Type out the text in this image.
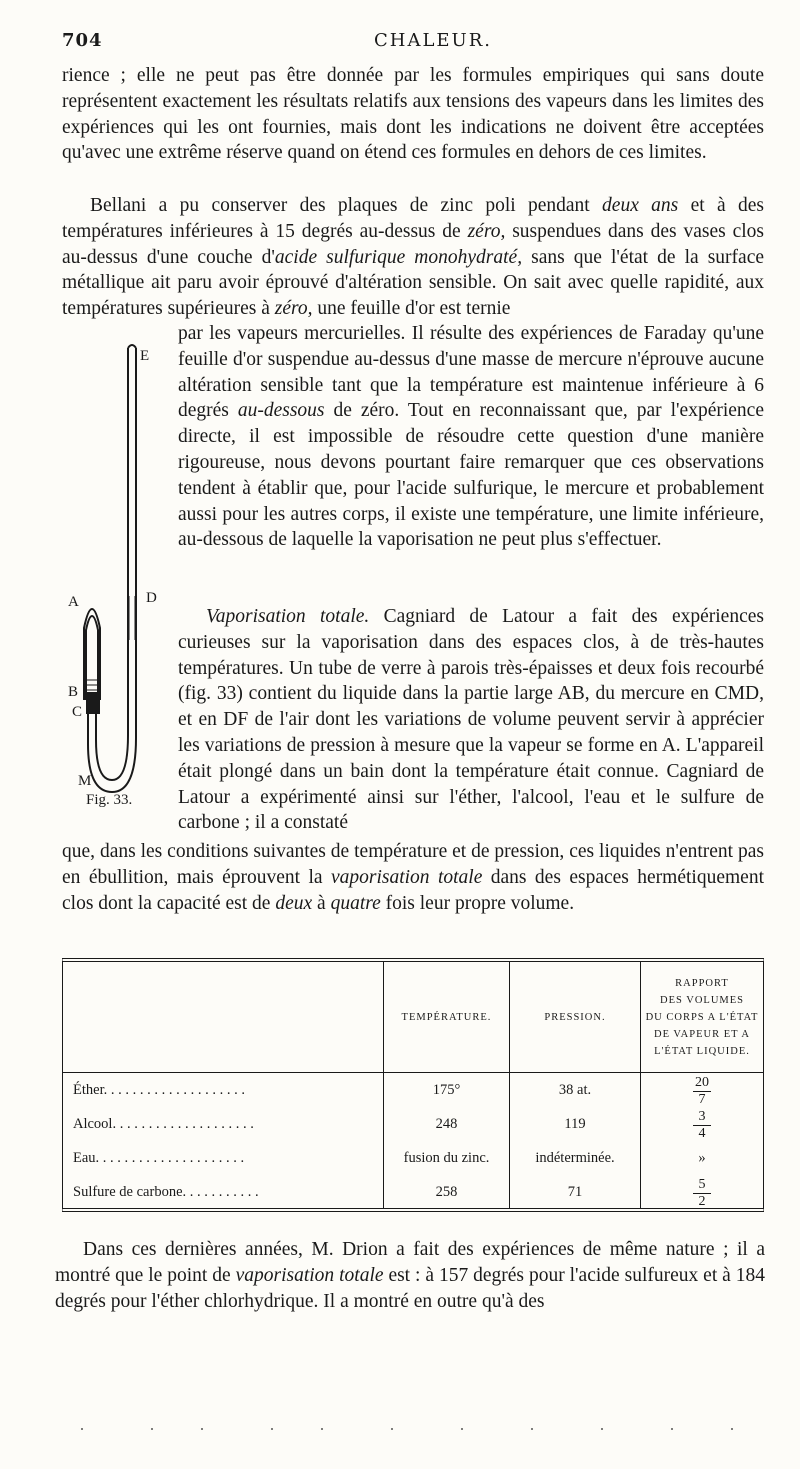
704	CHALEUR.

rience ; elle ne peut pas être donnée par les formules empiriques qui sans doute représentent exactement les résultats relatifs aux tensions des vapeurs dans les limites des expériences qui les ont fournies, mais dont les indications ne doivent être acceptées qu'avec une extrême réserve quand on étend ces formules en dehors de ces limites.

Bellani a pu conserver des plaques de zinc poli pendant deux ans et à des températures inférieures à 15 degrés au-dessus de zéro, suspendues dans des vases clos au-dessus d'une couche d'acide sulfurique monohydraté, sans que l'état de la surface métallique ait paru avoir éprouvé d'altération sensible. On sait avec quelle rapidité, aux températures supérieures à zéro, une feuille d'or est ternie

par les vapeurs mercurielles. Il résulte des expériences de Faraday qu'une feuille d'or suspendue au-dessus d'une masse de mercure n'éprouve aucune altération sensible tant que la température est maintenue inférieure à 6 degrés au-dessous de zéro. Tout en reconnaissant que, par l'expérience directe, il est impossible de résoudre cette question d'une manière rigoureuse, nous devons pourtant faire remarquer que ces observations tendent à établir que, pour l'acide sulfurique, le mercure et probablement aussi pour les autres corps, il existe une température, une limite inférieure, au-dessous de laquelle la vaporisation ne peut plus s'effectuer.

Vaporisation totale. Cagniard de Latour a fait des expériences curieuses sur la vaporisation dans des espaces clos, à de très-hautes températures. Un tube de verre à parois très-épaisses et deux fois recourbé (fig. 33) contient du liquide dans la partie large AB, du mercure en CMD, et en DF de l'air dont les variations de volume peuvent servir à apprécier les variations de pression à mesure que la vapeur se forme en A. L'appareil était plongé dans un bain dont la température était connue. Cagniard de Latour a expérimenté ainsi sur l'éther, l'alcool, l'eau et le sulfure de carbone ; il a constaté

que, dans les conditions suivantes de température et de pression, ces liquides n'entrent pas en ébullition, mais éprouvent la vaporisation totale dans des espaces hermétiquement clos dont la capacité est de deux à quatre fois leur propre volume.

E
D
A
B
C
M
Fig. 33.
	TEMPÉRATURE.	PRESSION.	RAPPORT
DES VOLUMES
DU CORPS A L'ÉTAT
DE VAPEUR ET A
L'ÉTAT LIQUIDE.
Éther. . . . . . . . . . . . . . . . . . . .	175°	38 at.	$\frac{20}{7}$

Alcool. . . . . . . . . . . . . . . . . . . .	248	119	$\frac{3}{4}$

Eau. . . . . . . . . . . . . . . . . . . . .	fusion du zinc.	indéterminée.	»
Sulfure de carbone. . . . . . . . . . .	258	71	$\frac{5}{2}$

Dans ces dernières années, M. Drion a fait des expériences de même nature ; il a montré que le point de vaporisation totale est : à 157 degrés pour l'acide sulfureux et à 184 degrés pour l'éther chlorhydrique. Il a montré en outre qu'à des
